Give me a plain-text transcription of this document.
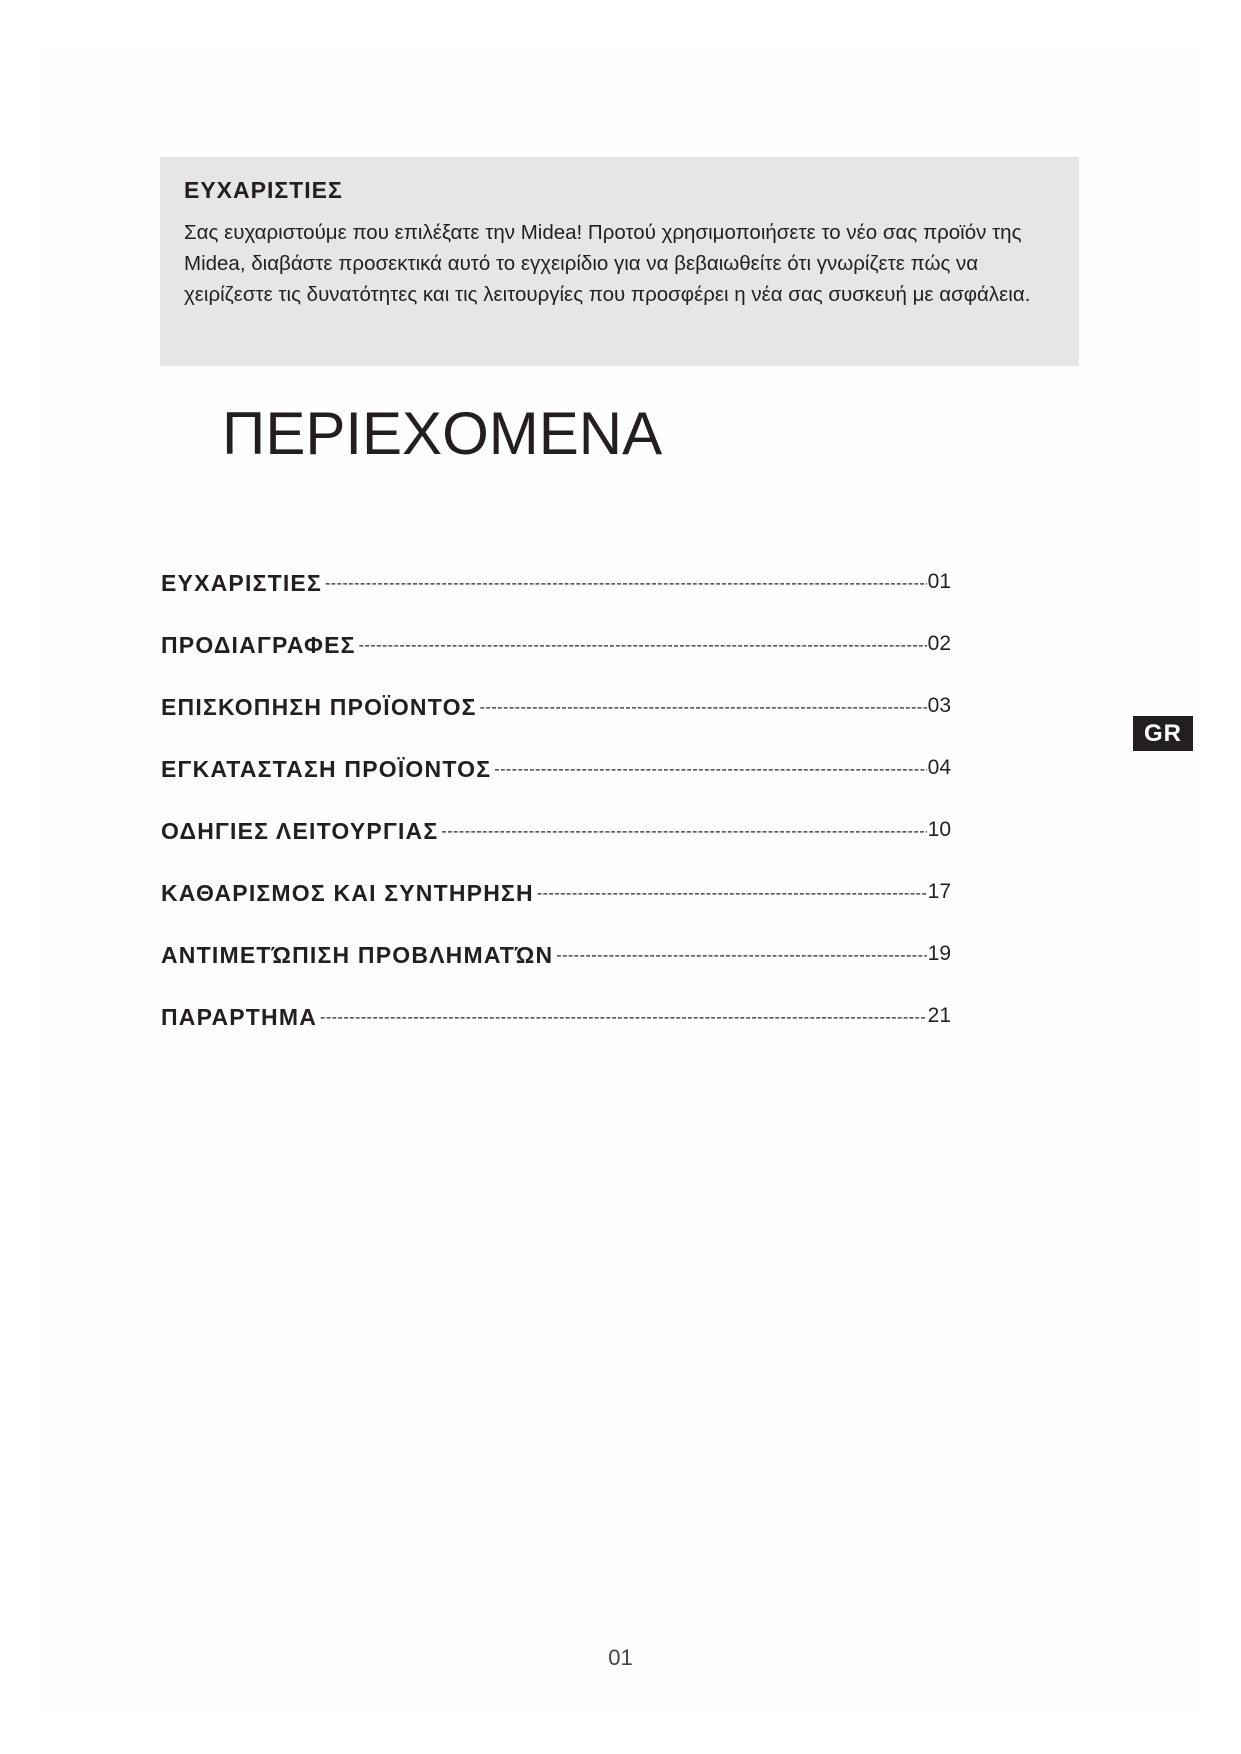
ΕΥΧΑΡΙΣΤΙΕΣ

Σας ευχαριστούμε που επιλέξατε την Midea! Προτού χρησιμοποιήσετε το νέο σας προϊόν της Midea, διαβάστε προσεκτικά αυτό το εγχειρίδιο για να βεβαιωθείτε ότι γνωρίζετε πώς να χειρίζεστε τις δυνατότητες και τις λειτουργίες που προσφέρει η νέα σας συσκευή με ασφάλεια.

ΠΕΡΙΕΧΟΜΕΝΑ
ΕΥΧΑΡΙΣΤΙΕΣ -----	01
ΠΡΟΔΙΑΓΡΑΦΕΣ -----	02
ΕΠΙΣΚΟΠΗΣΗ ΠΡΟΪΟΝΤΟΣ -----	03
ΕΓΚΑΤΑΣΤΑΣΗ ΠΡΟΪΟΝΤΟΣ -----	04
ΟΔΗΓΙΕΣ ΛΕΙΤΟΥΡΓΙΑΣ -----	10
ΚΑΘΑΡΙΣΜΟΣ ΚΑΙ ΣΥΝΤΗΡΗΣΗ -----	17
ΑΝΤΙΜΕΤΏΠΙΣΗ ΠΡΟΒΛΗΜΑΤΏΝ -----	19
ΠΑΡΑΡΤΗΜΑ -----	21
GR
01
